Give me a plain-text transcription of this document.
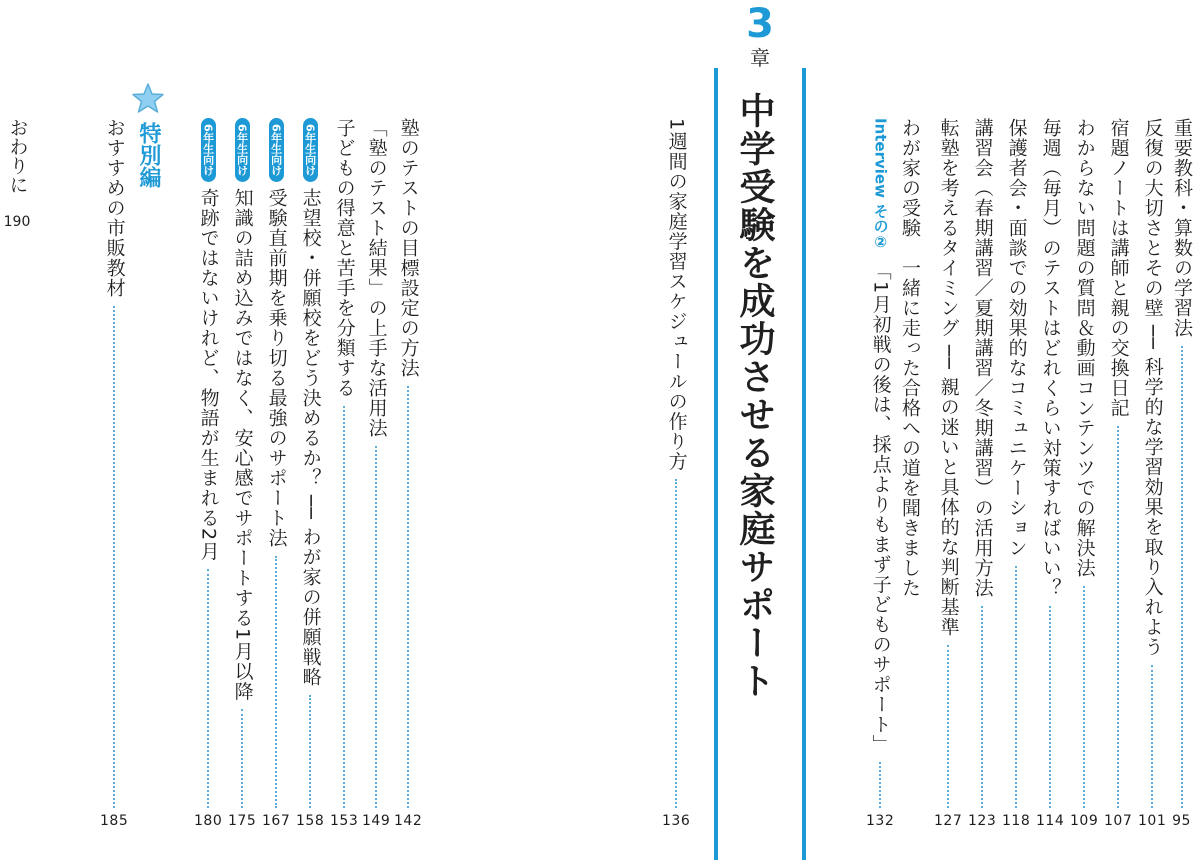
3
章
中学受験を成功させる家庭サポート	重要教科・算数の学習法
95
反復の大切さとその壁 ── 科学的な学習効果を取り入れよう
101
宿題ノートは講師と親の交換日記
107
わからない問題の質問＆動画コンテンツでの解決法
109
毎週（毎月）のテストはどれくらい対策すればいい？
114
保護者会・面談での効果的なコミュニケーション
118
講習会（春期講習／夏期講習／冬期講習）の活用方法
123
転塾を考えるタイミング ── 親の迷いと具体的な判断基準
127
わが家の受験　一緒に走った合格への道を聞きました
Interview その②
「1月初戦の後は、採点よりもまず子どものサポート」
132
1週間の家庭学習スケジュールの作り方
136
塾のテストの目標設定の方法
142
「塾のテスト結果」の上手な活用法
149
子どもの得意と苦手を分類する
153
6年生向け
志望校・併願校をどう決めるか？ ── わが家の併願戦略
158
6年生向け
受験直前期を乗り切る最強のサポート法
167
6年生向け
知識の詰め込みではなく、安心感でサポートする1月以降
175
6年生向け
奇跡ではないけれど、物語が生まれる2月
180
特別編
おすすめの市販教材
185
おわりに
190
